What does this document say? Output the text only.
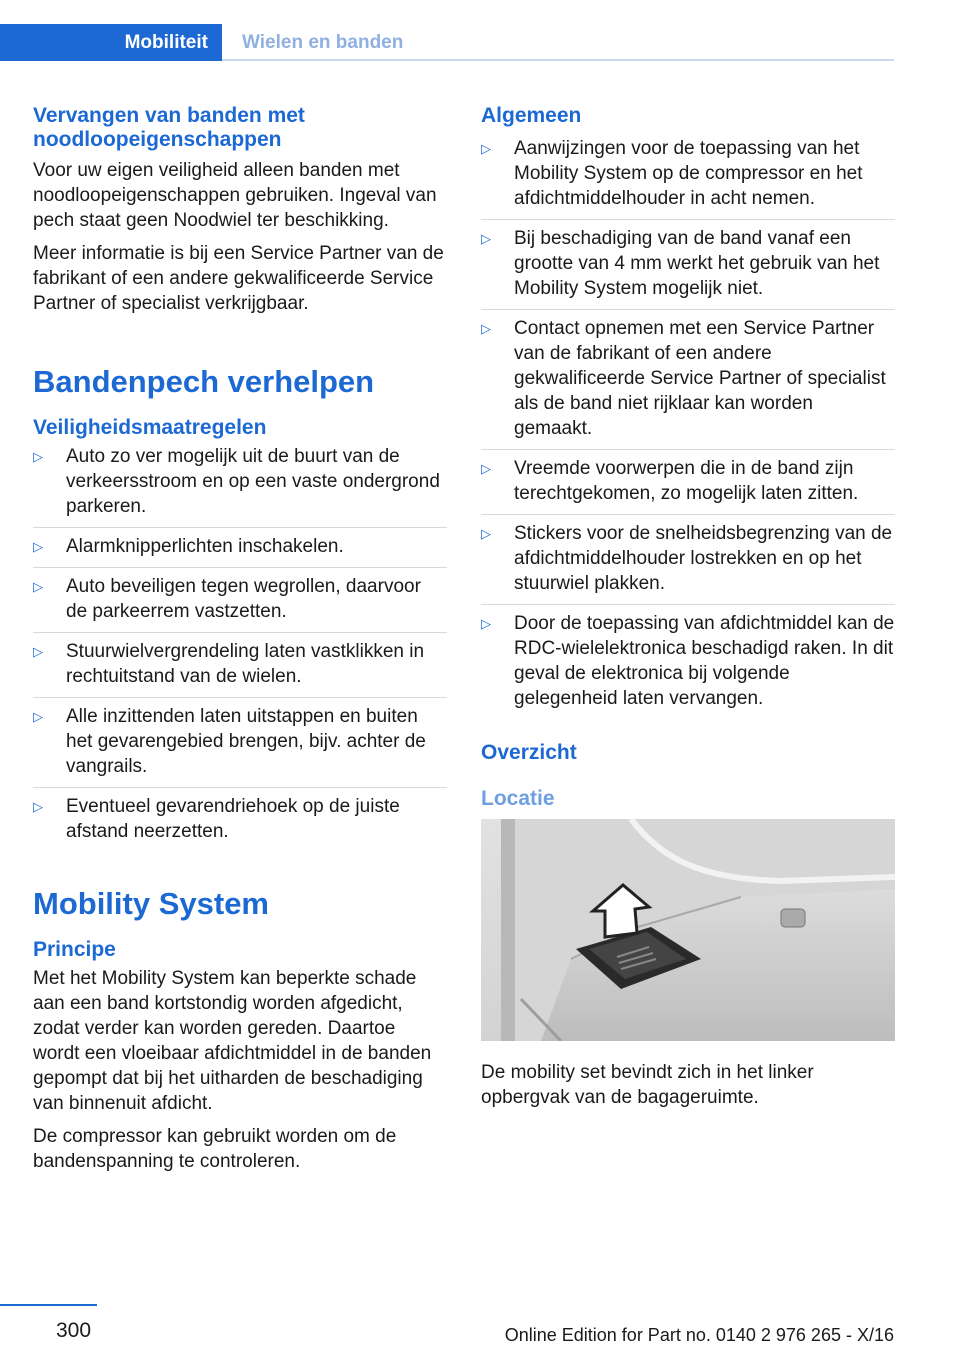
Mobiliteit	Wielen en banden
Vervangen van banden met noodloopeigenschappen

Voor uw eigen veiligheid alleen banden met noodloopeigenschappen gebruiken. Ingeval van pech staat geen Noodwiel ter beschikking.

Meer informatie is bij een Service Partner van de fabrikant of een andere gekwalificeerde Service Partner of specialist verkrijgbaar.

Bandenpech verhelpen
Veiligheidsmaatregelen
▷ Auto zo ver mogelijk uit de buurt van de verkeersstroom en op een vaste ondergrond parkeren.
▷ Alarmknipperlichten inschakelen.
▷ Auto beveiligen tegen wegrollen, daarvoor de parkeerrem vastzetten.
▷ Stuurwielvergrendeling laten vastklikken in rechtuitstand van de wielen.
▷ Alle inzittenden laten uitstappen en buiten het gevarengebied brengen, bijv. achter de vangrails.
▷ Eventueel gevarendriehoek op de juiste afstand neerzetten.
Mobility System
Principe

Met het Mobility System kan beperkte schade aan een band kortstondig worden afgedicht, zodat verder kan worden gereden. Daartoe wordt een vloeibaar afdichtmiddel in de banden gepompt dat bij het uitharden de beschadiging van binnenuit afdicht.

De compressor kan gebruikt worden om de bandenspanning te controleren.

Algemeen
▷ Aanwijzingen voor de toepassing van het Mobility System op de compressor en het afdichtmiddelhouder in acht nemen.
▷ Bij beschadiging van de band vanaf een grootte van 4 mm werkt het gebruik van het Mobility System mogelijk niet.
▷ Contact opnemen met een Service Partner van de fabrikant of een andere gekwalificeerde Service Partner of specialist als de band niet rijklaar kan worden gemaakt.
▷ Vreemde voorwerpen die in de band zijn terechtgekomen, zo mogelijk laten zitten.
▷ Stickers voor de snelheidsbegrenzing van de afdichtmiddelhouder lostrekken en op het stuurwiel plakken.
▷ Door de toepassing van afdichtmiddel kan de RDC-wielelektronica beschadigd raken. In dit geval de elektronica bij volgende gelegenheid laten vervangen.
Overzicht
Locatie

De mobility set bevindt zich in het linker opbergvak van de bagageruimte.

300	Online Edition for Part no. 0140 2 976 265 - X/16
